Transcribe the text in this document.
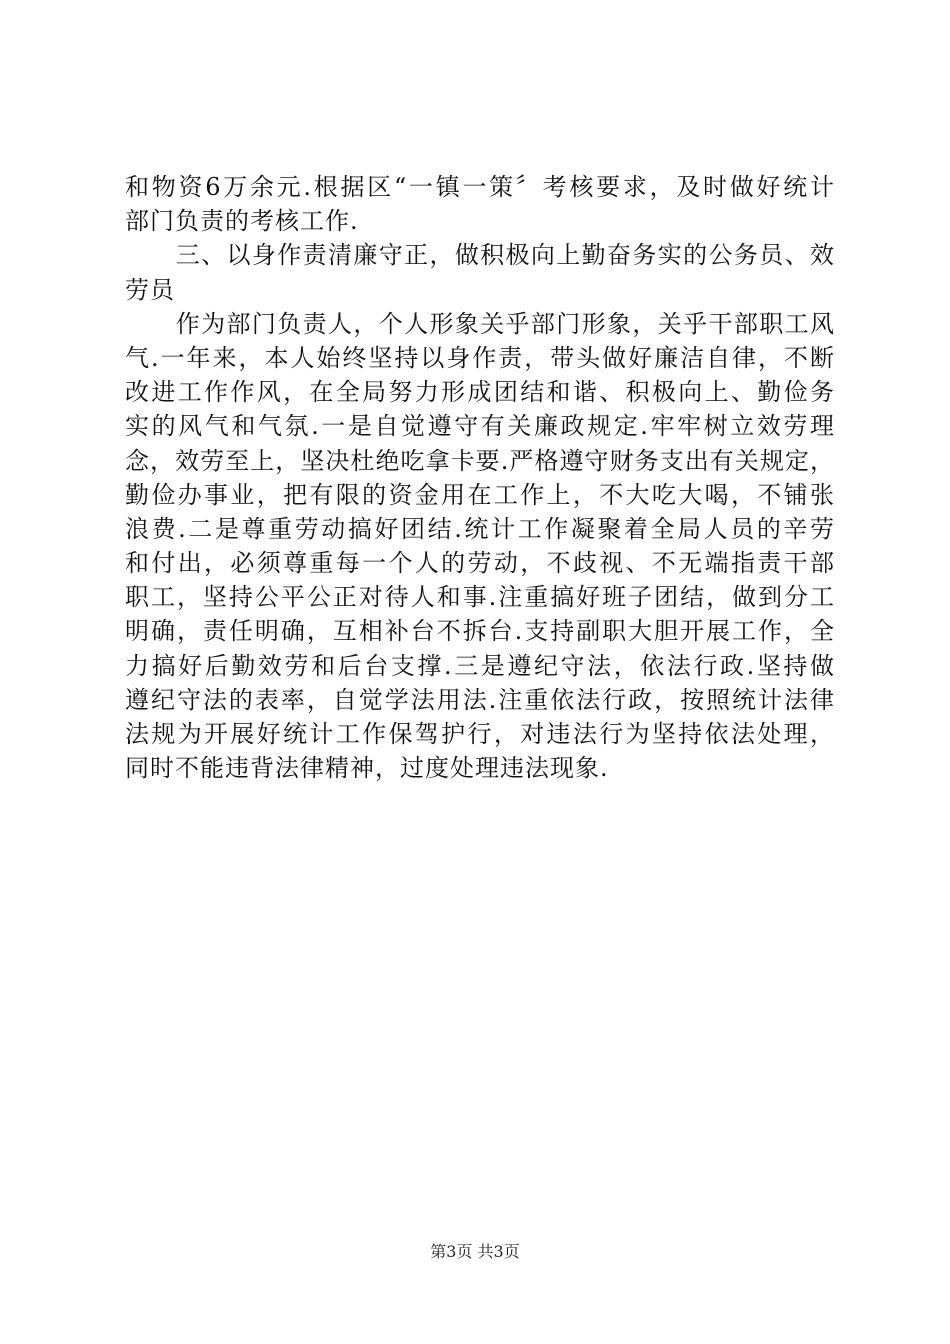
和物资6万余元.根据区“一镇一策〞考核要求，及时做好统计
部门负责的考核工作.
　　三、以身作责清廉守正，做积极向上勤奋务实的公务员、效
劳员
　　作为部门负责人，个人形象关乎部门形象，关乎干部职工风
气.一年来，本人始终坚持以身作责，带头做好廉洁自律，不断
改进工作作风，在全局努力形成团结和谐、积极向上、勤俭务
实的风气和气氛.一是自觉遵守有关廉政规定.牢牢树立效劳理
念，效劳至上，坚决杜绝吃拿卡要.严格遵守财务支出有关规定，
勤俭办事业，把有限的资金用在工作上，不大吃大喝，不铺张
浪费.二是尊重劳动搞好团结.统计工作凝聚着全局人员的辛劳
和付出，必须尊重每一个人的劳动，不歧视、不无端指责干部
职工，坚持公平公正对待人和事.注重搞好班子团结，做到分工
明确，责任明确，互相补台不拆台.支持副职大胆开展工作，全
力搞好后勤效劳和后台支撑.三是遵纪守法，依法行政.坚持做
遵纪守法的表率，自觉学法用法.注重依法行政，按照统计法律
法规为开展好统计工作保驾护行，对违法行为坚持依法处理，
同时不能违背法律精神，过度处理违法现象.
第3页 共3页
